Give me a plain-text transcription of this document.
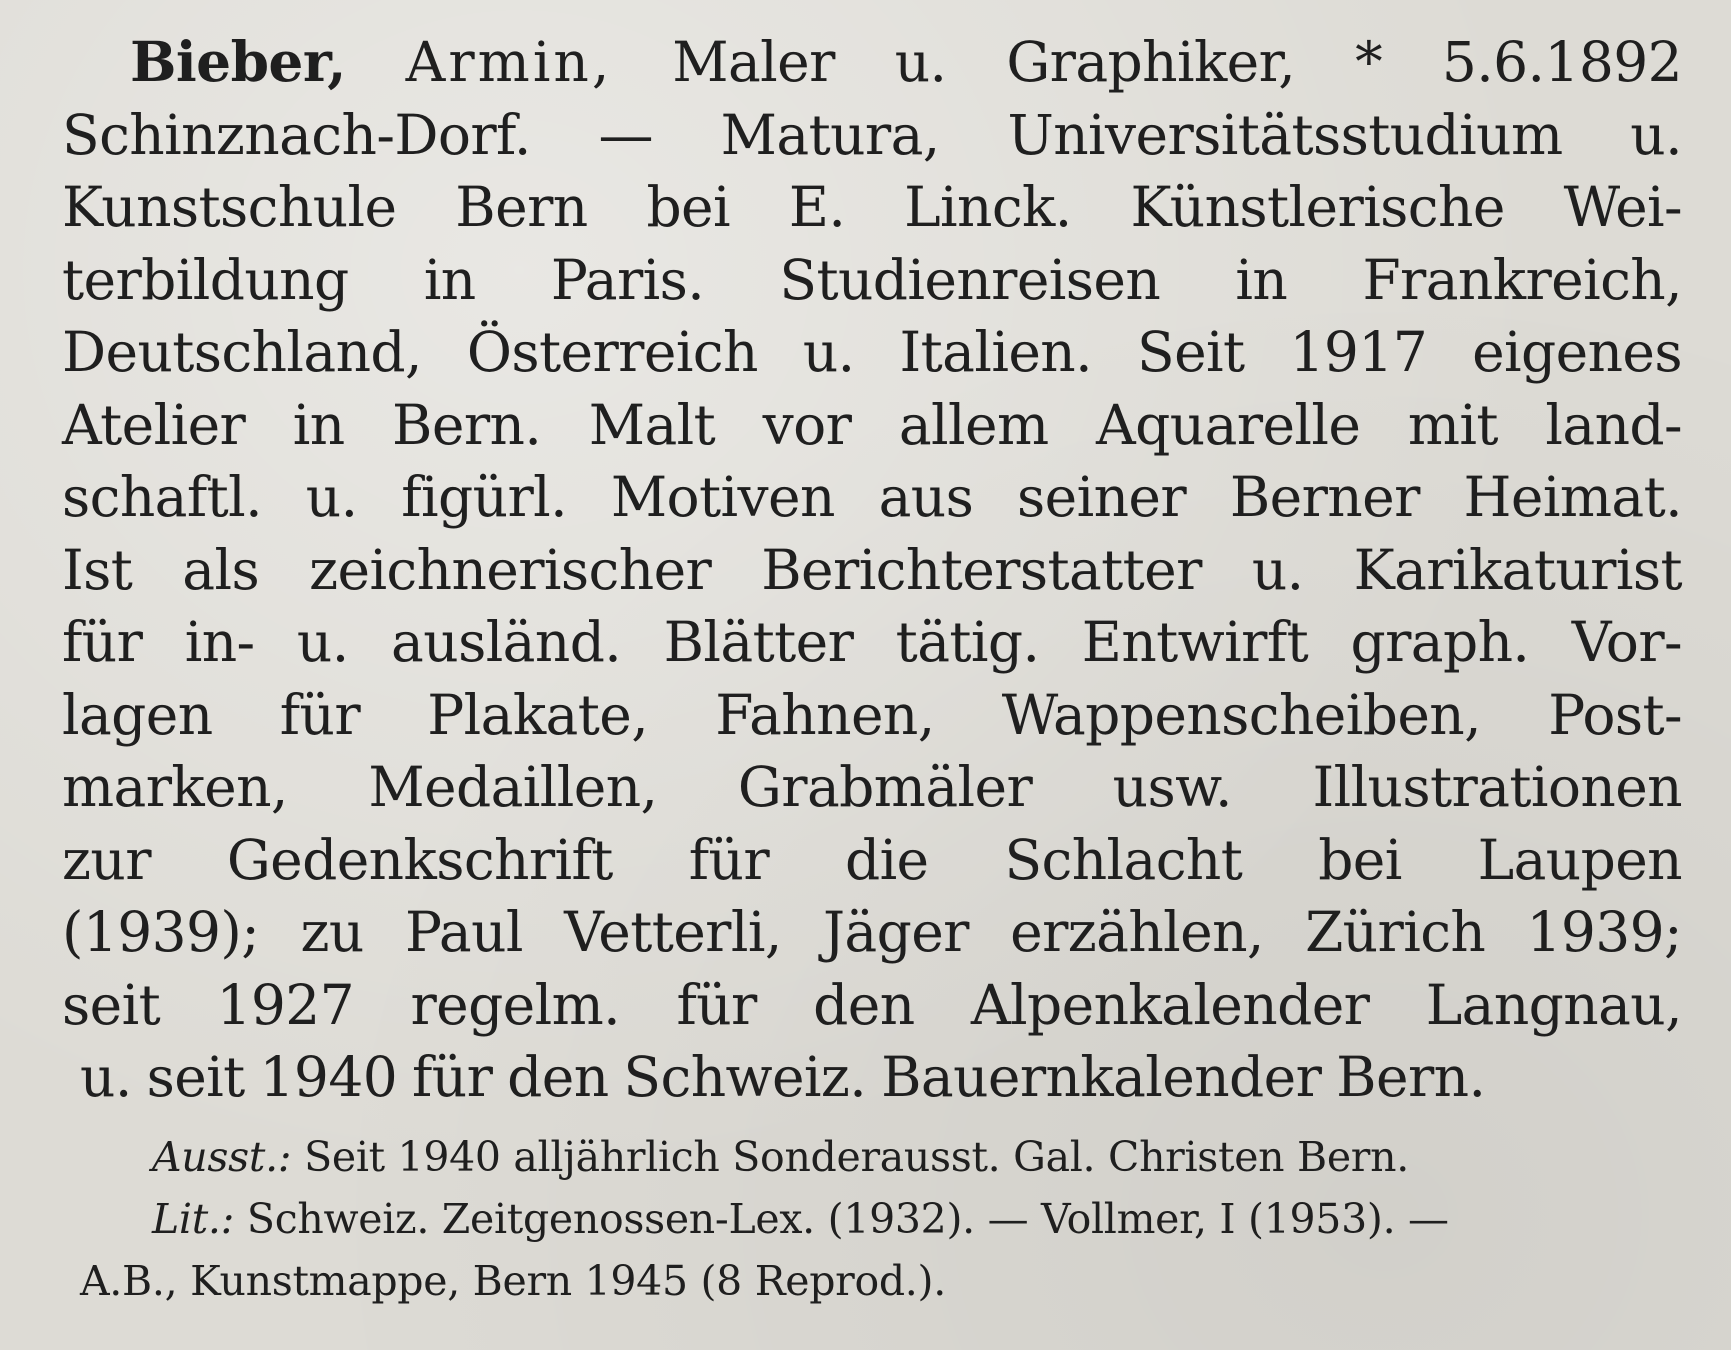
Bieber, Armin, Maler u. Graphiker, * 5.6.1892
Schinznach-Dorf. — Matura, Universitätsstudium u.
Kunstschule Bern bei E. Linck. Künstlerische Wei-
terbildung in Paris. Studienreisen in Frankreich,
Deutschland, Österreich u. Italien. Seit 1917 eigenes
Atelier in Bern. Malt vor allem Aquarelle mit land-
schaftl. u. figürl. Motiven aus seiner Berner Heimat.
Ist als zeichnerischer Berichterstatter u. Karikaturist
für in- u. ausländ. Blätter tätig. Entwirft graph. Vor-
lagen für Plakate, Fahnen, Wappenscheiben, Post-
marken, Medaillen, Grabmäler usw. Illustrationen
zur Gedenkschrift für die Schlacht bei Laupen
(1939); zu Paul Vetterli, Jäger erzählen, Zürich 1939;
seit 1927 regelm. für den Alpenkalender Langnau,
u. seit 1940 für den Schweiz. Bauernkalender Bern.
Ausst.: Seit 1940 alljährlich Sonderausst. Gal. Christen Bern.
Lit.: Schweiz. Zeitgenossen-Lex. (1932). — Vollmer, I (1953). —
A.B., Kunstmappe, Bern 1945 (8 Reprod.).
